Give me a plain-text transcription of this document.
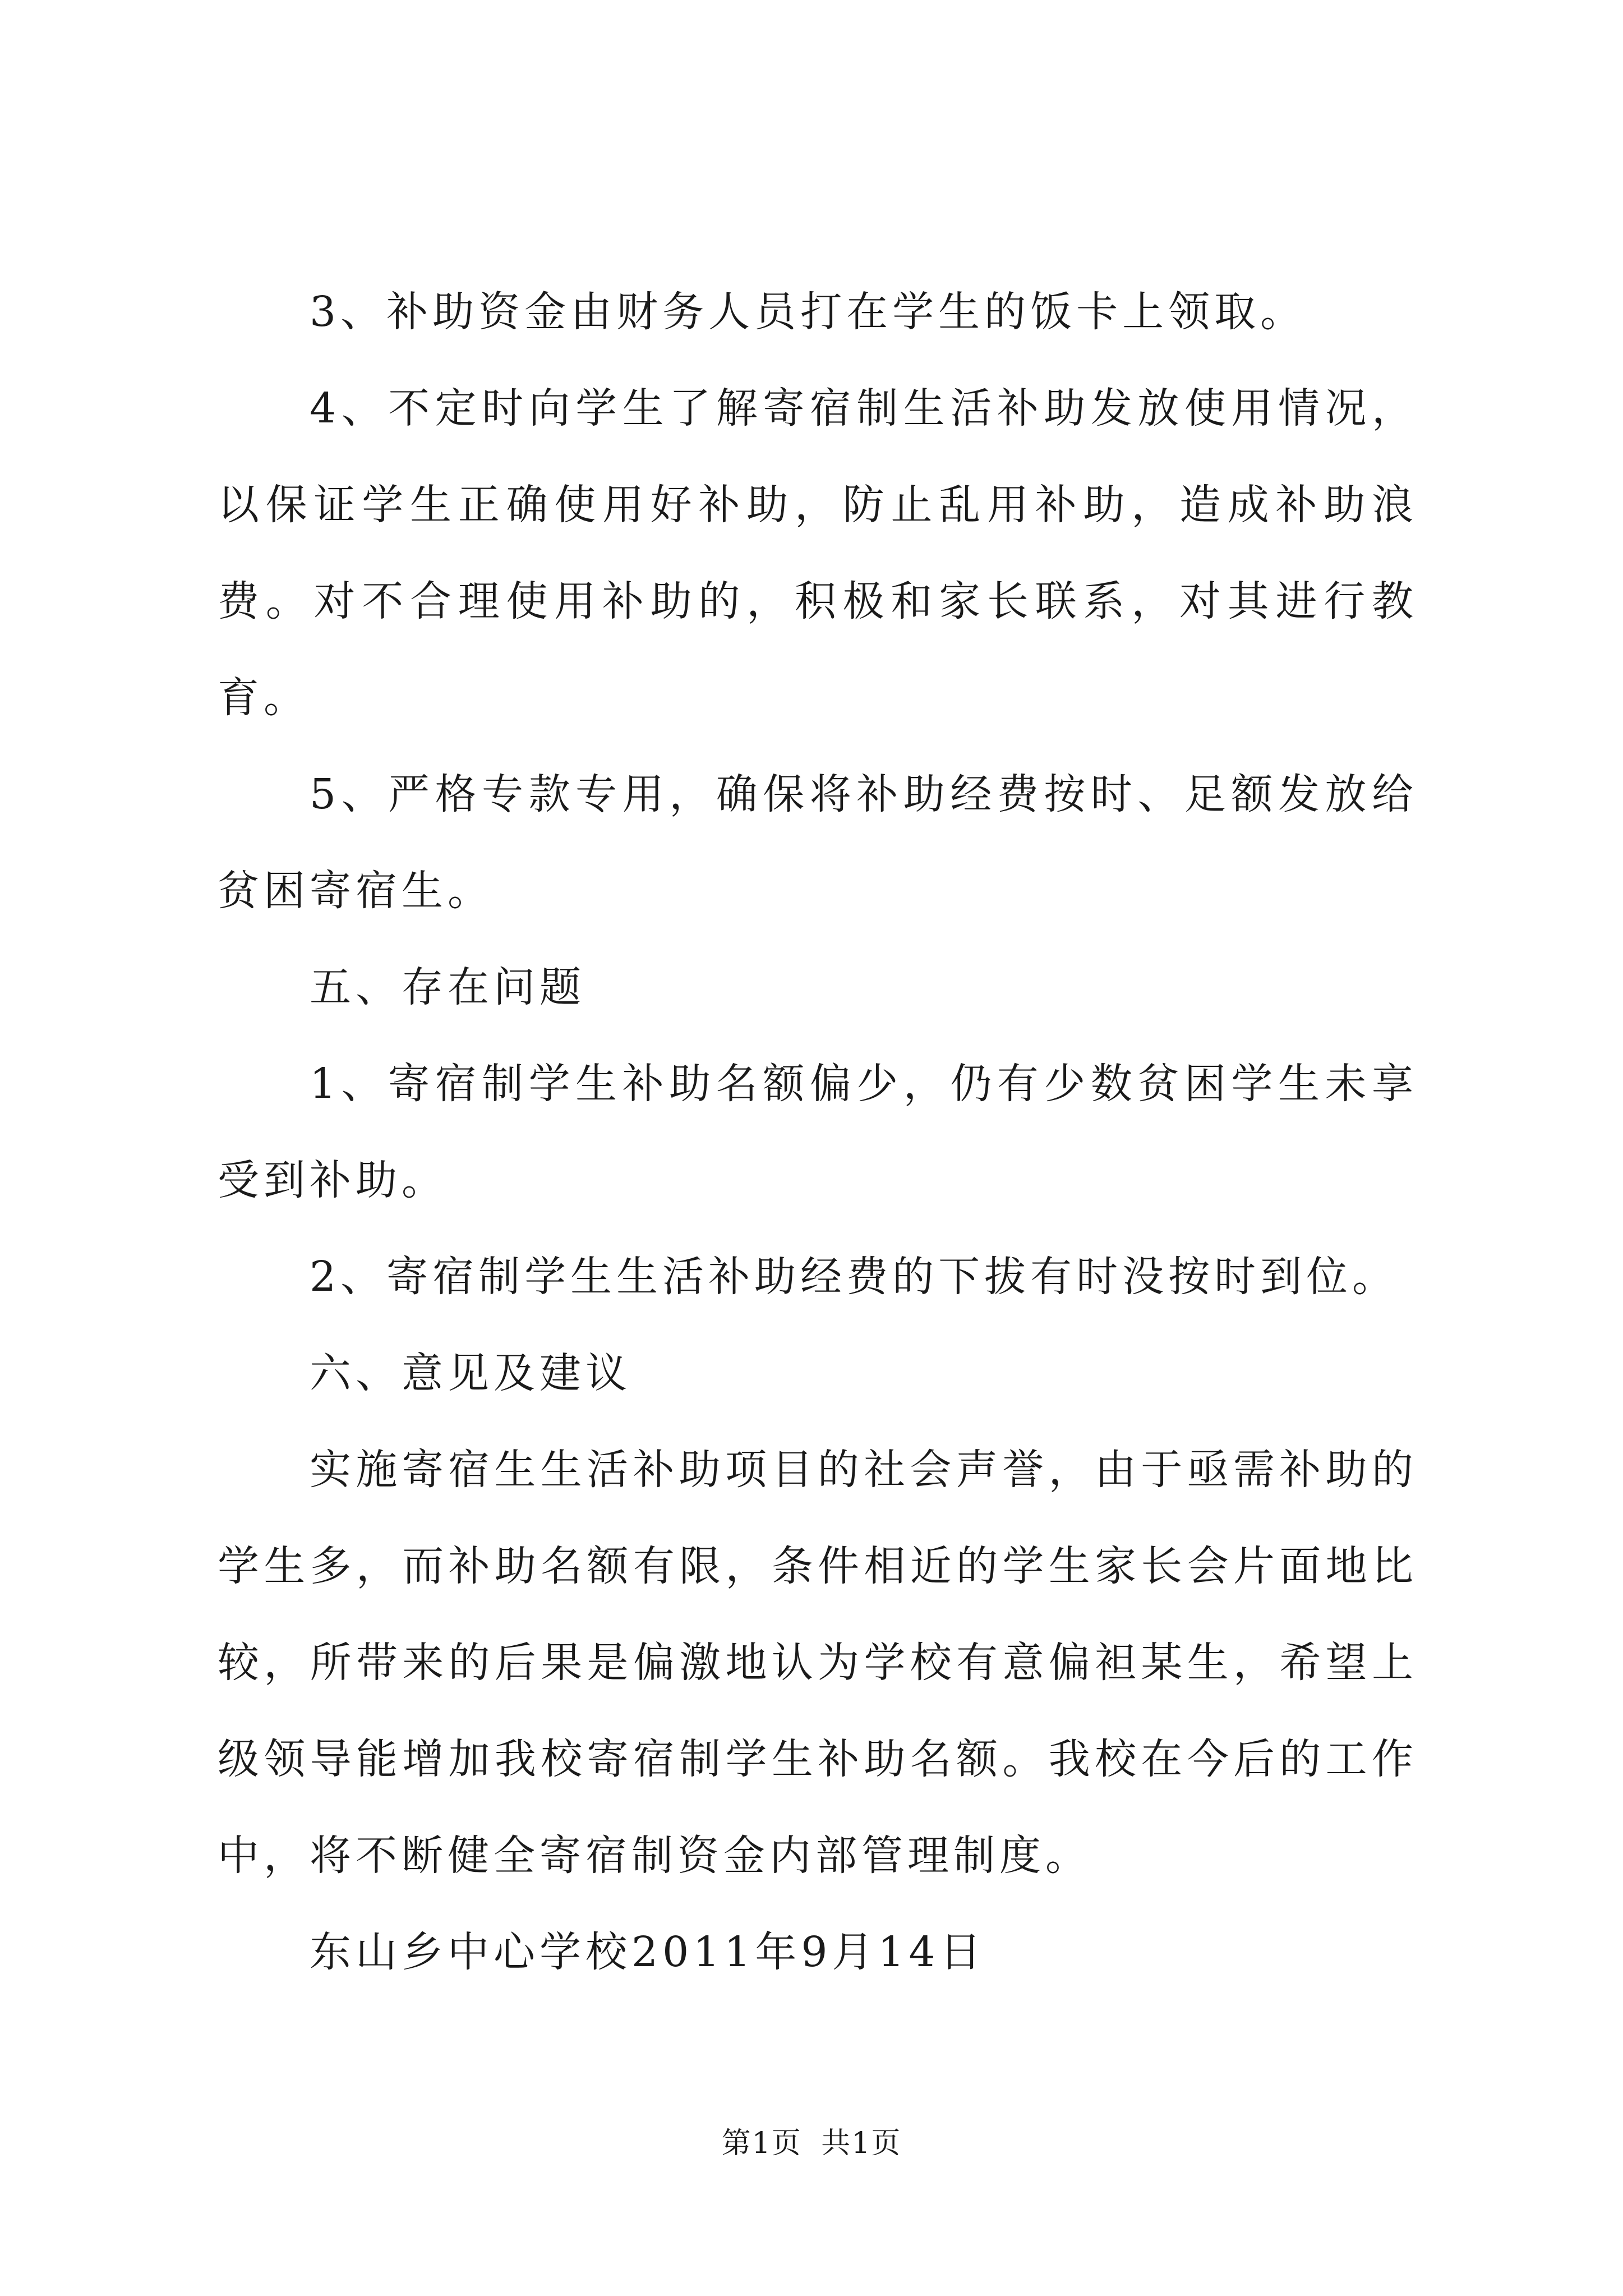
3、补助资金由财务人员打在学生的饭卡上领取。

4、不定时向学生了解寄宿制生活补助发放使用情况，以保证学生正确使用好补助，防止乱用补助，造成补助浪费。对不合理使用补助的，积极和家长联系，对其进行教育。

5、严格专款专用，确保将补助经费按时、足额发放给贫困寄宿生。

五、存在问题

1、寄宿制学生补助名额偏少，仍有少数贫困学生未享受到补助。

2、寄宿制学生生活补助经费的下拔有时没按时到位。

六、意见及建议

实施寄宿生生活补助项目的社会声誉，由于亟需补助的学生多，而补助名额有限，条件相近的学生家长会片面地比较，所带来的后果是偏激地认为学校有意偏袒某生，希望上级领导能增加我校寄宿制学生补助名额。我校在今后的工作中，将不断健全寄宿制资金内部管理制度。

东山乡中心学校2011年9月14日

第1页 共1页
